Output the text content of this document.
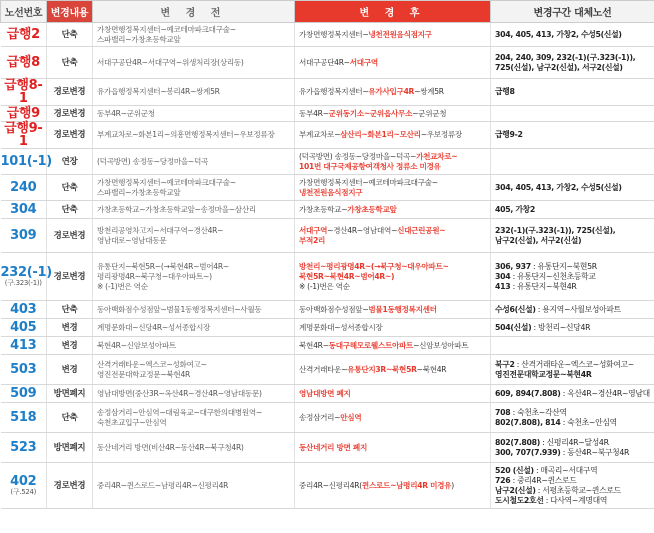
노선번호	변경내용	변 경 전	변 경 후	변경구간 대체노선
급행2	단축	가창면행정복지센터~예코테마파크대구술~
스파밸리~가창초등학교앞	가창면행정복지센터~냉천전원음식점지구	304, 405, 413, 가창2, 수성5(신설)

급행8	단축	서대구공단4R~서대구역~위생처리장(상리동)	서대구공단4R~서대구역	204, 240, 309, 232(-1)(구.323(-1)),
725(신설), 남구2(신설), 서구2(신설)

급행8-1	경로변경	유가읍행정복지센터~봉리4R~쌍계5R	유가읍행정복지센터~유가사입구4R~쌍계5R	급행8

급행9	경로변경	동부4R~군위군청	동부4R~군위동기소~군위읍사무소~군위군청	

급행9-1	경로변경	부계교차로~화본1리~의흥면행정복지센터~우보정류장	부계교차로~삼산리~화본1리~모산리~우보정류장	급행9-2

101(-1)	연장	(덕곡방면) 송정동~당정마을~덕곡	(덕곡방면) 송정동~당정마을~덕곡~가천교차로~
101번 대구국제공항여객청사 정류소 미경유	

240	단축	가창면행정복지센터~예코테마파크대구술~
스파밸리~가창초등학교앞	가창면행정복지센터~예코테마파크대구술~
냉천전원음식점지구	304, 405, 413, 가창2, 수성5(신설)

304	단축	가창초등학교~가창초등학교앞~송정마을~삼산리	가창초등학교~가창초등학교앞	405, 가창2

309	경로변경	방천리공영차고지~서대구역~경산4R~
영남대로~영남대동문	서대구역~경산4R~영남대역~신대근린공원~
부적2리	232(-1)(구.323(-1)), 725(신설),
남구2(신설), 서구2(신설)

232(-1)
(구.323(-1))	경로변경	유통단지~북현5R~(→북현4R~범어4R~
평리광명4R~북구청~대우아파트~)
※ (-1)번은 역순	방천리~평리광명4R~(→북구청~대우아파트~
북현5R~북현4R~범어4R~)
※ (-1)번은 역순	306, 937 : 유통단지~북현5R
304 : 유통단지~신천초등학교
413 : 유통단지~북현4R

403	단축	동아백화점수성점앞~범물1동행정복지센터~사월동	동아백화점수성점앞~범물1동행정복지센터	수성6(신설) : 용지역~사월보성아파트

405	변경	계명문화대~신당4R~성서종합시장	계명문화대~성서종합시장	504(신설) : 방천리~신당4R

413	변경	북현4R~신암보성아파트	북현4R~동대구해모로웰스트아파트~신암보성아파트	

503	변경	산격거래타운~엑스코~성화여고~
영진전문대학교정문~북현4R	산격거래타운~유통단지3R~북현5R~북현4R	북구2 : 산격거래타운~엑스코~성화여고~
영진전문대학교정문~북현4R

509	방면폐지	영남대방면(중산3R~옥산4R~경산4R~영남대동문)	영남대방면 폐지	609, 894(7.808) : 옥산4R~경산4R~영남대

518	단축	송정삼거리~안심역~대림육교~대구한의대병원역~
숙천초교입구~안심역	송정삼거리~안심역	708 : 숙천초~각산역
802(7.808), 814 : 숙천초~안심역

523	방면폐지	동산네거리 방면(비산4R~동산4R~북구청4R)	동산네거리 방면 폐지	802(7.808) : 신평리4R~달성4R
300, 707(7.939) : 동산4R~북구청4R

402
(구.524)	경로변경	중리4R~퀸스로드~남평리4R~신평리4R	중리4R~신평리4R(퀸스로드~남평리4R 미경유)	520 (신설) : 매곡리~서대구역
726 : 중리4R~퀸스로드
남구2(신설) : 서평초등학교~퀸스로드
도시철도2호선 : 다사역~계명대역
